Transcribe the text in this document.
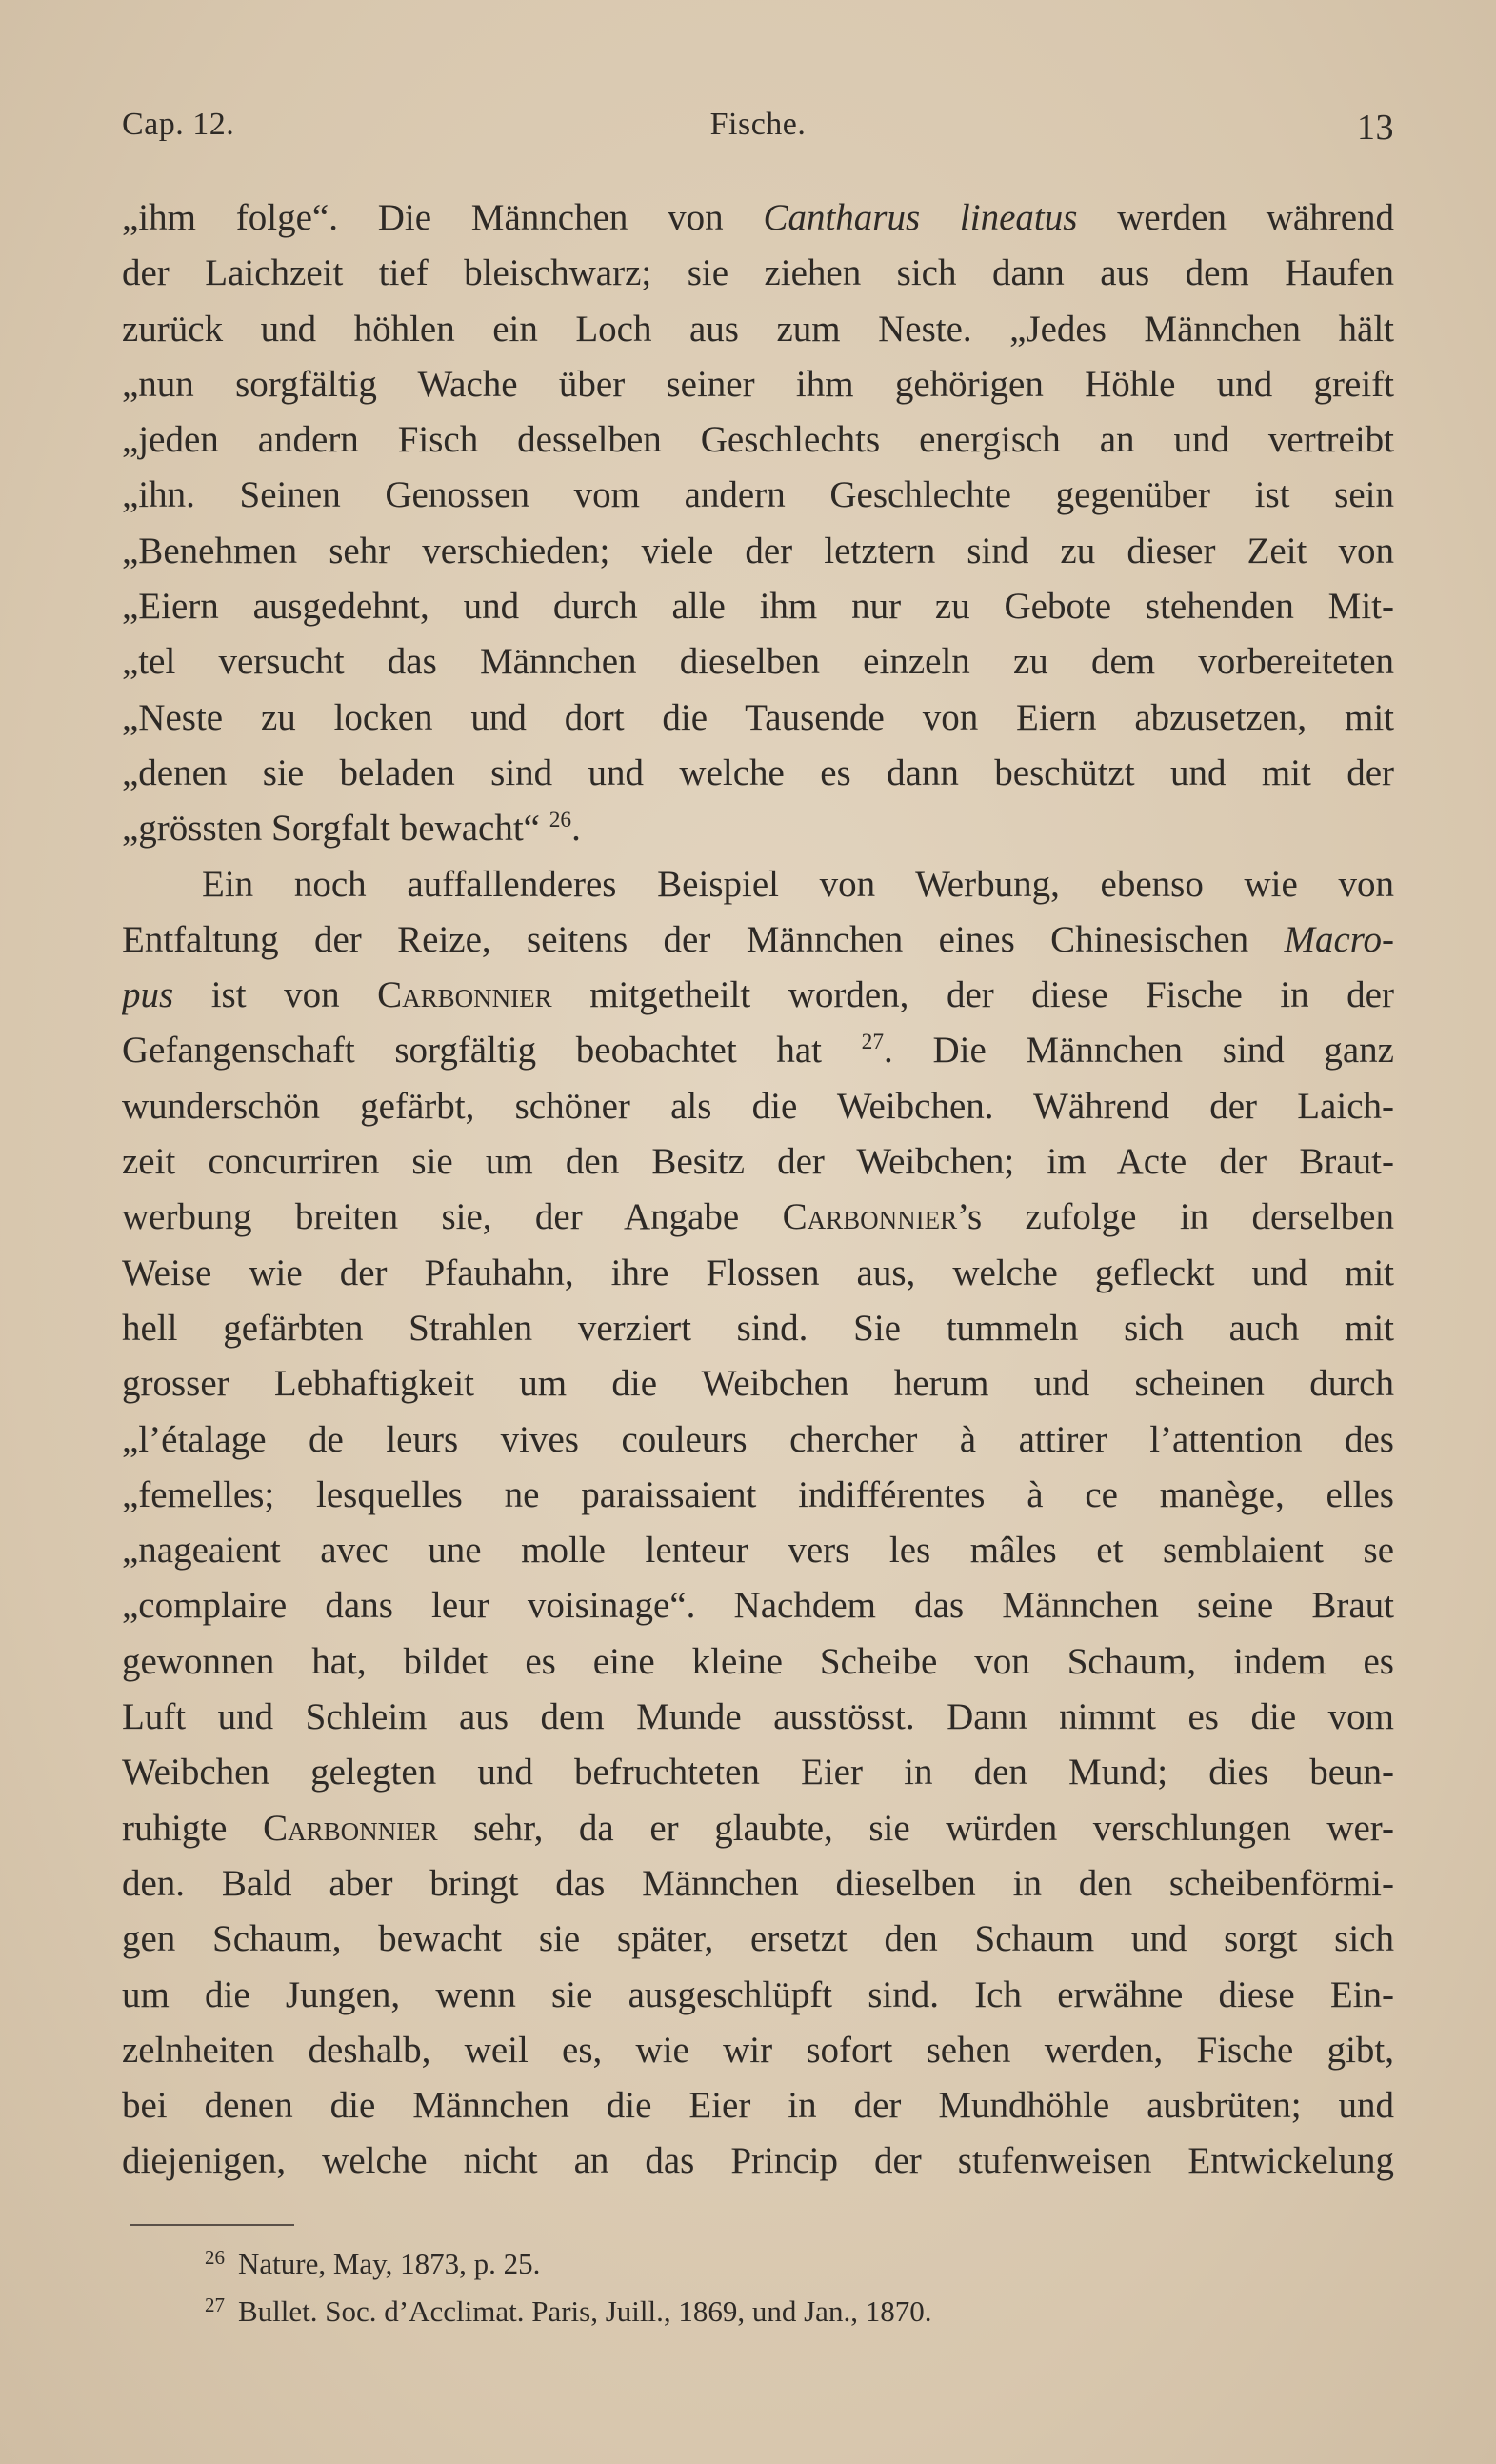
Cap. 12.	Fische.	13
„ihm folge“. Die Männchen von Cantharus lineatus werden während
der Laichzeit tief bleischwarz; sie ziehen sich dann aus dem Haufen
zurück und höhlen ein Loch aus zum Neste. „Jedes Männchen hält
„nun sorgfältig Wache über seiner ihm gehörigen Höhle und greift
„jeden andern Fisch desselben Geschlechts energisch an und vertreibt
„ihn. Seinen Genossen vom andern Geschlechte gegenüber ist sein
„Benehmen sehr verschieden; viele der letztern sind zu dieser Zeit von
„Eiern ausgedehnt, und durch alle ihm nur zu Gebote stehenden Mit-
„tel versucht das Männchen dieselben einzeln zu dem vorbereiteten
„Neste zu locken und dort die Tausende von Eiern abzusetzen, mit
„denen sie beladen sind und welche es dann beschützt und mit der
„grössten Sorgfalt bewacht“ $^{26}$.
Ein noch auffallenderes Beispiel von Werbung, ebenso wie von
Entfaltung der Reize, seitens der Männchen eines Chinesischen Macro-
pus ist von Carbonnier mitgetheilt worden, der diese Fische in der
Gefangenschaft sorgfältig beobachtet hat $^{27}$. Die Männchen sind ganz
wunderschön gefärbt, schöner als die Weibchen. Während der Laich-
zeit concurriren sie um den Besitz der Weibchen; im Acte der Braut-
werbung breiten sie, der Angabe Carbonnier’s zufolge in derselben
Weise wie der Pfauhahn, ihre Flossen aus, welche gefleckt und mit
hell gefärbten Strahlen verziert sind. Sie tummeln sich auch mit
grosser Lebhaftigkeit um die Weibchen herum und scheinen durch
„l’étalage de leurs vives couleurs chercher à attirer l’attention des
„femelles; lesquelles ne paraissaient indifférentes à ce manège, elles
„nageaient avec une molle lenteur vers les mâles et semblaient se
„complaire dans leur voisinage“. Nachdem das Männchen seine Braut
gewonnen hat, bildet es eine kleine Scheibe von Schaum, indem es
Luft und Schleim aus dem Munde ausstösst. Dann nimmt es die vom
Weibchen gelegten und befruchteten Eier in den Mund; dies beun-
ruhigte Carbonnier sehr, da er glaubte, sie würden verschlungen wer-
den. Bald aber bringt das Männchen dieselben in den scheibenförmi-
gen Schaum, bewacht sie später, ersetzt den Schaum und sorgt sich
um die Jungen, wenn sie ausgeschlüpft sind. Ich erwähne diese Ein-
zelnheiten deshalb, weil es, wie wir sofort sehen werden, Fische gibt,
bei denen die Männchen die Eier in der Mundhöhle ausbrüten; und
diejenigen, welche nicht an das Princip der stufenweisen Entwickelung
26 Nature, May, 1873, p. 25.
27 Bullet. Soc. d’Acclimat. Paris, Juill., 1869, und Jan., 1870.
